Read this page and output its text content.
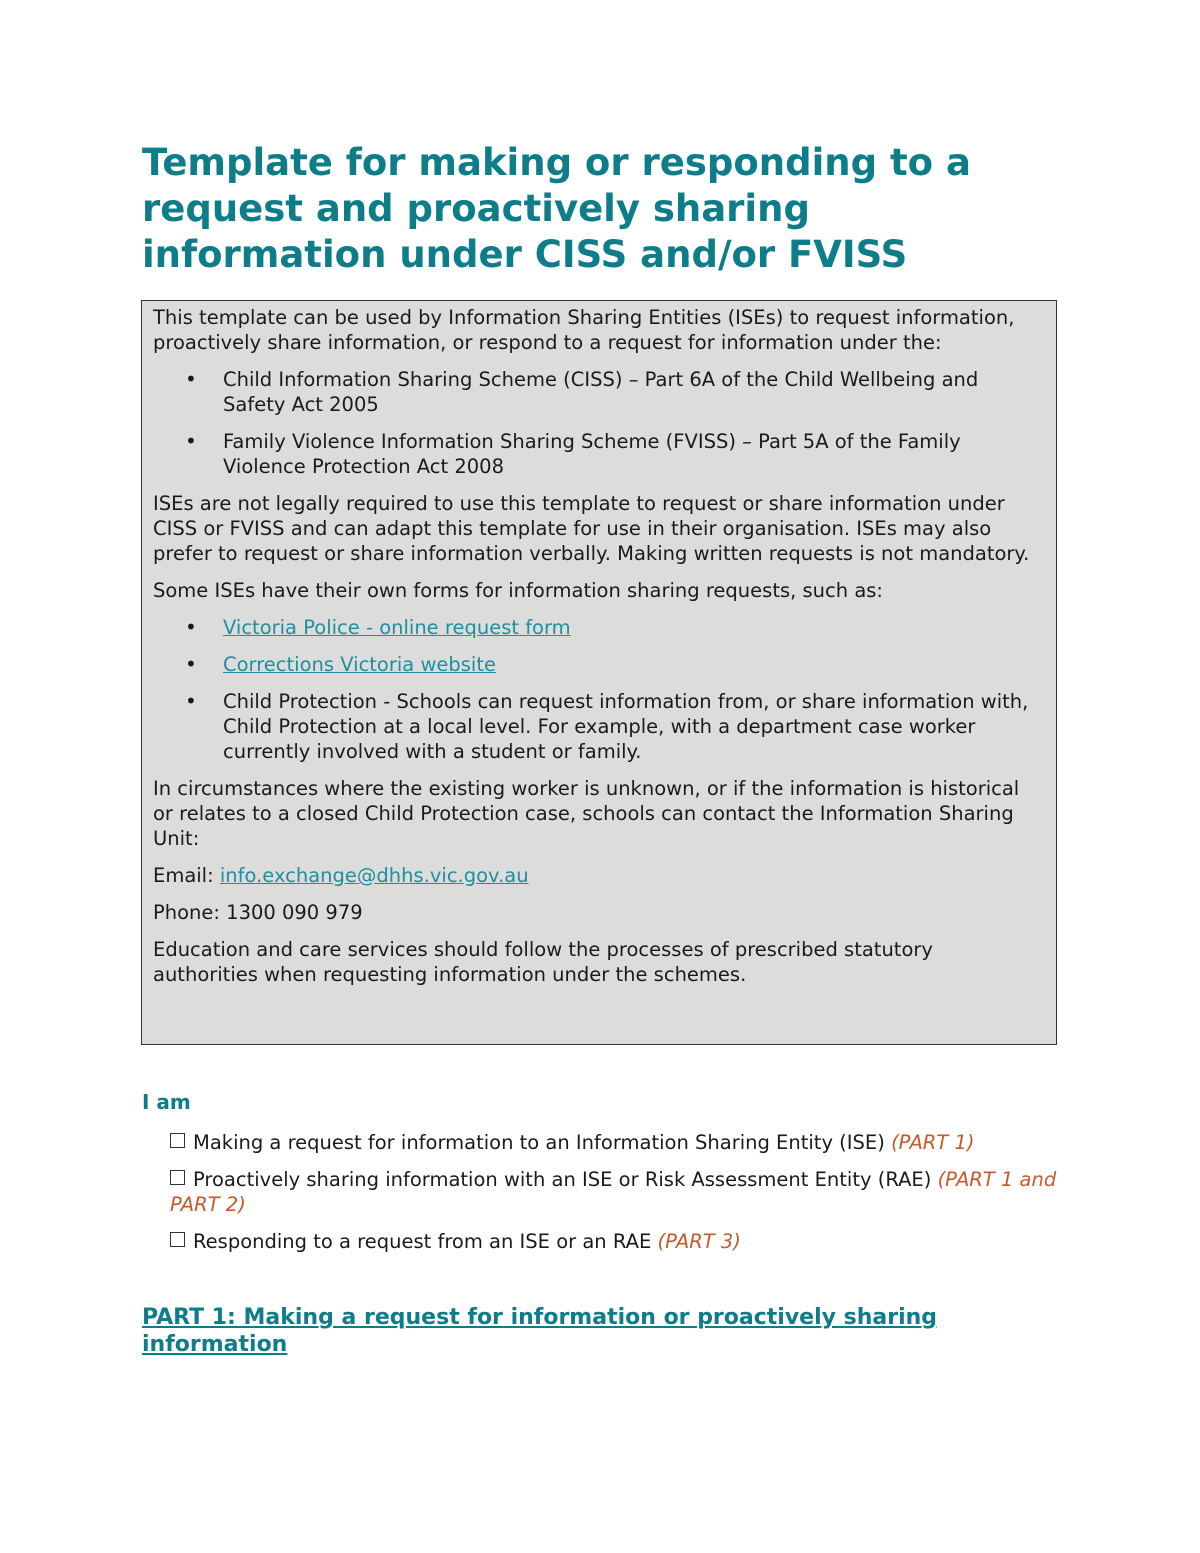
Template for making or responding to a request and proactively sharing information under CISS and/or FVISS

This template can be used by Information Sharing Entities (ISEs) to request information, proactively share information, or respond to a request for information under the:

• Child Information Sharing Scheme (CISS) – Part 6A of the Child Wellbeing and Safety Act 2005
• Family Violence Information Sharing Scheme (FVISS) – Part 5A of the Family Violence Protection Act 2008

ISEs are not legally required to use this template to request or share information under CISS or FVISS and can adapt this template for use in their organisation. ISEs may also prefer to request or share information verbally. Making written requests is not mandatory.

Some ISEs have their own forms for information sharing requests, such as:

• Victoria Police - online request form
• Corrections Victoria website
• Child Protection - Schools can request information from, or share information with, Child Protection at a local level. For example, with a department case worker currently involved with a student or family.

In circumstances where the existing worker is unknown, or if the information is historical or relates to a closed Child Protection case, schools can contact the Information Sharing Unit:

Email: info.exchange@dhhs.vic.gov.au

Phone: 1300 090 979

Education and care services should follow the processes of prescribed statutory authorities when requesting information under the schemes.

I am
Making a request for information to an Information Sharing Entity (ISE) (PART 1)
Proactively sharing information with an ISE or Risk Assessment Entity (RAE) (PART 1 and PART 2)
Responding to a request from an ISE or an RAE (PART 3)
PART 1: Making a request for information or proactively sharing information
